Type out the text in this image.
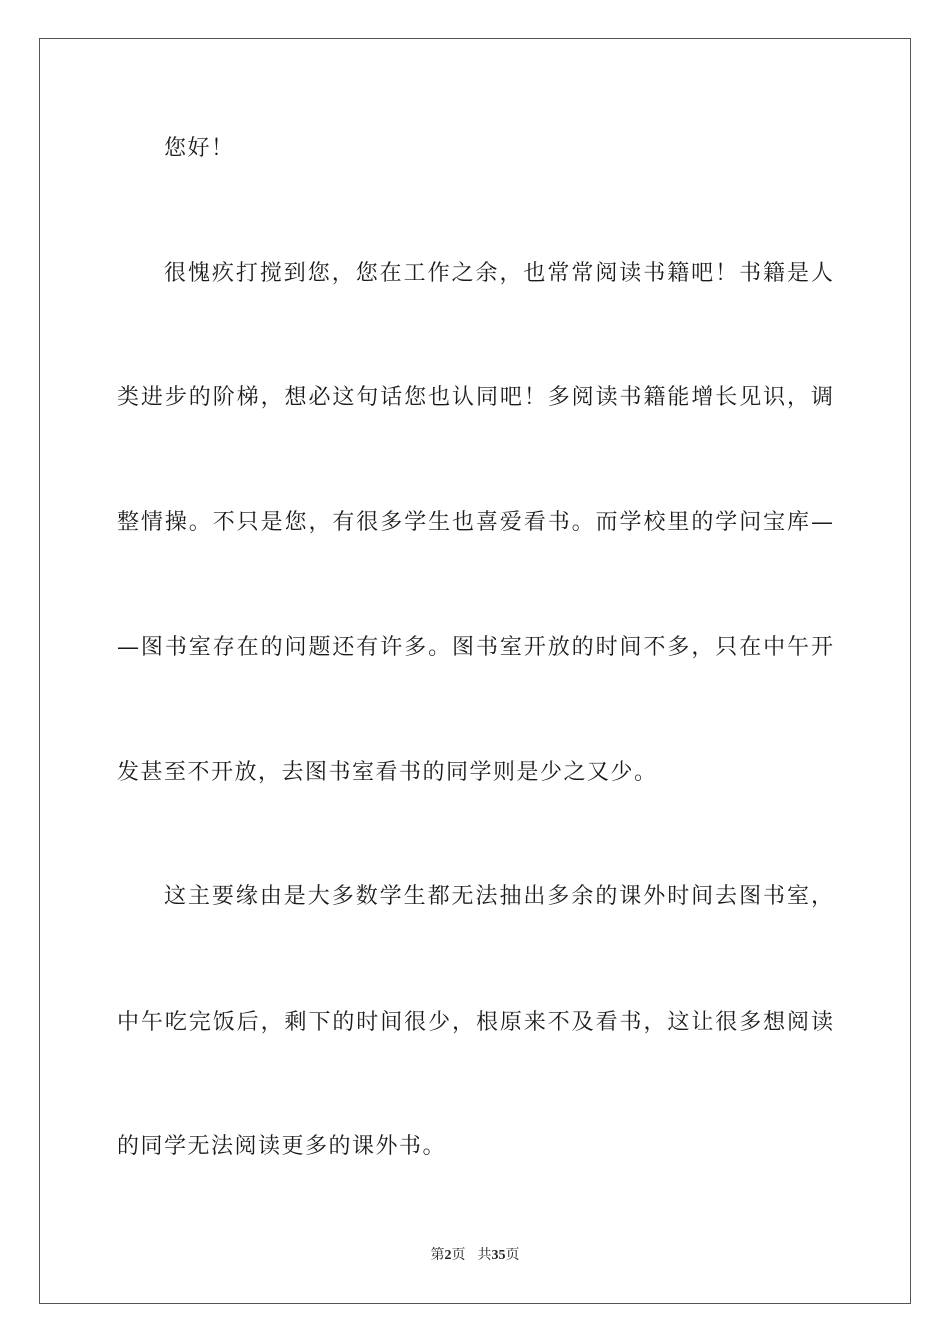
您好！
很愧疚打搅到您，您在工作之余，也常常阅读书籍吧！书籍是人
类进步的阶梯，想必这句话您也认同吧！多阅读书籍能增长见识，调
整情操。不只是您，有很多学生也喜爱看书。而学校里的学问宝库—
—图书室存在的问题还有许多。图书室开放的时间不多，只在中午开
发甚至不开放，去图书室看书的同学则是少之又少。
这主要缘由是大多数学生都无法抽出多余的课外时间去图书室，
中午吃完饭后，剩下的时间很少，根原来不及看书，这让很多想阅读
的同学无法阅读更多的课外书。
第2页 共35页
